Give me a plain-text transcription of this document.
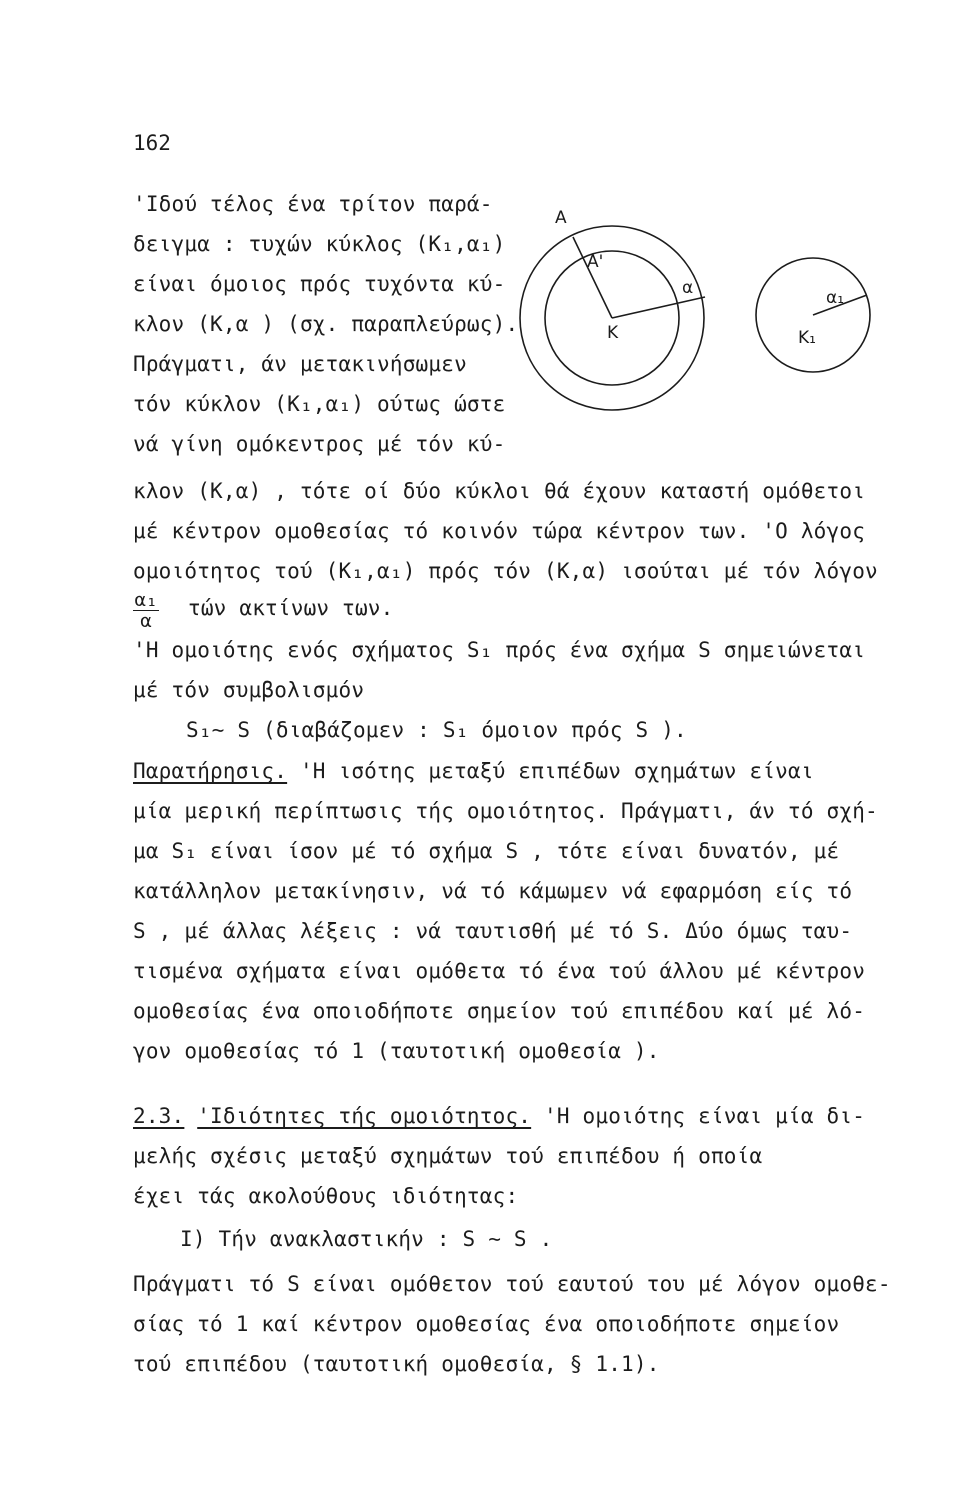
162
'Ιδού τέλος ένα τρίτον παρά-
δειγμα : τυχών κύκλος (K₁,α₁)
είναι όμοιος πρός τυχόντα κύ-
κλον (K,α ) (σχ. παραπλεύρως).
Πράγματι, άν μετακινήσωμεν
τόν κύκλον (K₁,α₁) ούτως ώστε
νά γίνη ομόκεντρος μέ τόν κύ-
A
A'
α
K
α₁
K₁
κλον (K,α) , τότε οί δύο κύκλοι θά έχουν καταστή ομόθετοι
μέ κέντρον ομοθεσίας τό κοινόν τώρα κέντρον των. 'Ο λόγος
ομοιότητος τού (K₁,α₁) πρός τόν (K,α) ισούται μέ τόν λόγον
$\frac{\text{α₁}}{\alpha}$ τών ακτίνων των.
'Η ομοιότης ενός σχήματος S₁ πρός ένα σχήμα S σημειώνεται
μέ τόν συμβολισμόν
S₁∼ S (διαβάζομεν : S₁ όμοιον πρός S ).
Παρατήρησις. 'Η ισότης μεταξύ επιπέδων σχημάτων είναι
μία μερική περίπτωσις τής ομοιότητος. Πράγματι, άν τό σχή-
μα S₁ είναι ίσον μέ τό σχήμα S , τότε είναι δυνατόν, μέ
κατάλληλον μετακίνησιν, νά τό κάμωμεν νά εφαρμόση είς τό
S , μέ άλλας λέξεις : νά ταυτισθή μέ τό S. Δύο όμως ταυ-
τισμένα σχήματα είναι ομόθετα τό ένα τού άλλου μέ κέντρον
ομοθεσίας ένα οποιοδήποτε σημείον τού επιπέδου καί μέ λό-
γον ομοθεσίας τό 1 (ταυτοτική ομοθεσία ).
2.3. 'Ιδιότητες τής ομοιότητος. 'Η ομοιότης είναι μία δι-
μελής σχέσις μεταξύ σχημάτων τού επιπέδου ή οποία
έχει τάς ακολούθους ιδιότητας:
I) Τήν ανακλαστικήν : S ∼ S .
Πράγματι τό S είναι ομόθετον τού εαυτού του μέ λόγον ομοθε-
σίας τό 1 καί κέντρον ομοθεσίας ένα οποιοδήποτε σημείον
τού επιπέδου (ταυτοτική ομοθεσία, § 1.1).
